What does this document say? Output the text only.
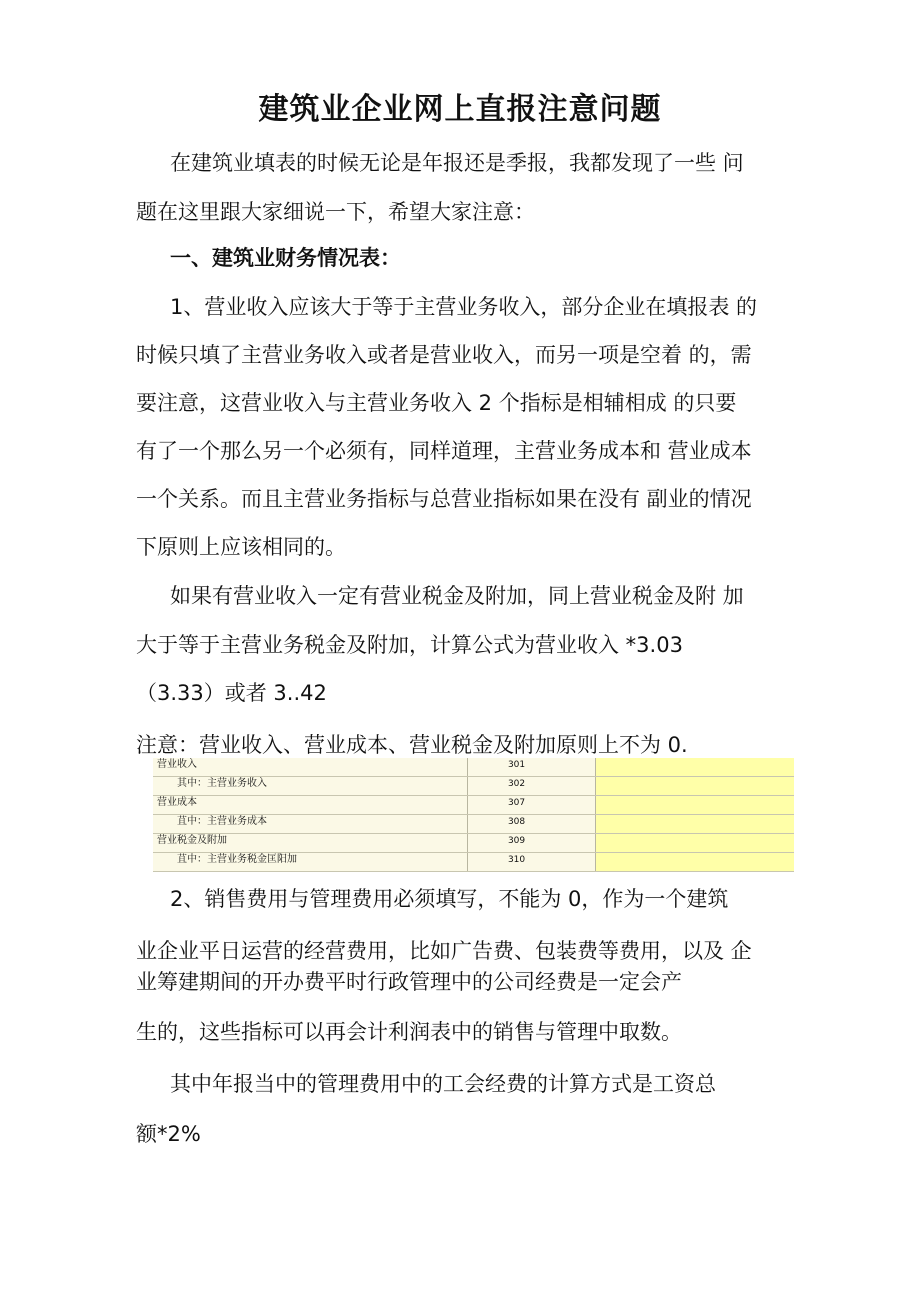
建筑业企业网上直报注意问题
在建筑业填表的时候无论是年报还是季报，我都发现了一些 问
题在这里跟大家细说一下，希望大家注意：
一、建筑业财务情况表：
1、营业收入应该大于等于主营业务收入，部分企业在填报表 的
时候只填了主营业务收入或者是营业收入，而另一项是空着 的，需
要注意，这营业收入与主营业务收入 2 个指标是相辅相成 的只要
有了一个那么另一个必须有，同样道理，主营业务成本和 营业成本
一个关系。而且主营业务指标与总营业指标如果在没有 副业的情况
下原则上应该相同的。
如果有营业收入一定有营业税金及附加，同上营业税金及附 加
大于等于主营业务税金及附加，计算公式为营业收入 *3.03
（3.33）或者 3..42
注意：营业收入、营业成本、营业税金及附加原则上不为 0.
营业收入	301	
其中：主营业务收入	302	
营业成本	307	
苴中：主营业务成本	308	
营业税金及附加	309	
苴中：主营业务税金匡阳加	310	
2、销售费用与管理费用必须填写，不能为 0，作为一个建筑
业企业平日运营的经营费用，比如广告费、包装费等费用，以及 企
业筹建期间的开办费平时行政管理中的公司经费是一定会产
生的，这些指标可以再会计利润表中的销售与管理中取数。
其中年报当中的管理费用中的工会经费的计算方式是工资总
额*2%
